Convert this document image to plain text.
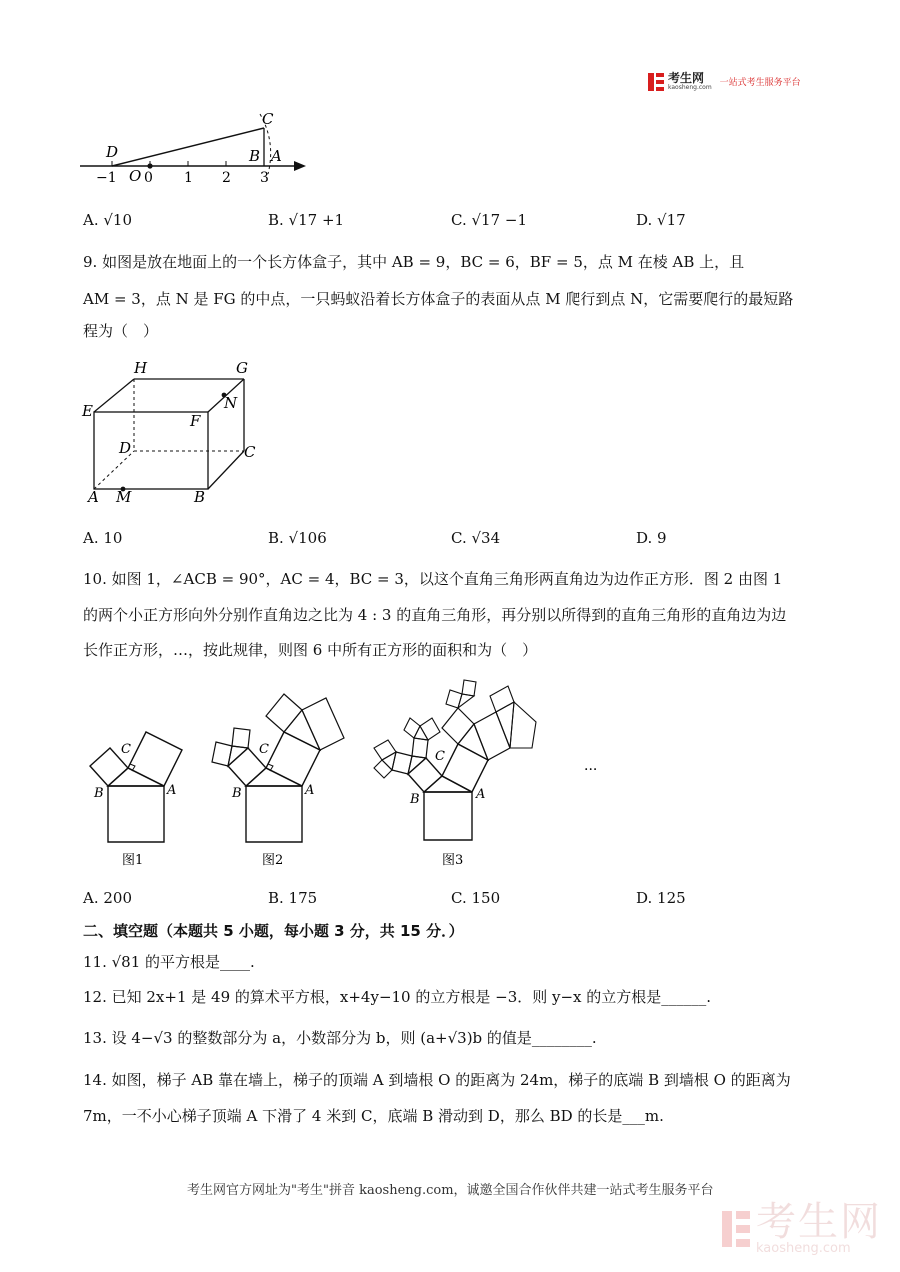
考生网
kaosheng.com 一站式考生服务平台
D
O
C
B A
−1 0 1 2 3
A. √10	B. √17 +1	C. √17 −1	D. √17
9. 如图是放在地面上的一个长方体盒子，其中 AB = 9，BC = 6，BF = 5，点 M 在棱 AB 上，且
AM = 3，点 N 是 FG 的中点，一只蚂蚁沿着长方体盒子的表面从点 M 爬行到点 N，它需要爬行的最短路
程为（　）
H	G
E	N
F
D	C
A M	B
A. 10	B. √106	C. √34	D. 9
10. 如图 1，∠ACB = 90°，AC = 4，BC = 3，以这个直角三角形两直角边为边作正方形．图 2 由图 1
的两个小正方形向外分别作直角边之比为 4 : 3 的直角三角形，再分别以所得到的直角三角形的直角边为边
长作正方形，…，按此规律，则图 6 中所有正方形的面积和为（　）
C
B	A
图1
C
B	A
图2
C
B	A
图3
···
A. 200	B. 175	C. 150	D. 125
二、填空题（本题共 5 小题，每小题 3 分，共 15 分．）
11. √81 的平方根是____.
12. 已知 2x+1 是 49 的算术平方根，x+4y−10 的立方根是 −3．则 y−x 的立方根是______.
13. 设 4−√3 的整数部分为 a，小数部分为 b，则 (a+√3)b 的值是________.
14. 如图，梯子 AB 靠在墙上，梯子的顶端 A 到墙根 O 的距离为 24m，梯子的底端 B 到墙根 O 的距离为
7m，一不小心梯子顶端 A 下滑了 4 米到 C，底端 B 滑动到 D，那么 BD 的长是___m.
考生网官方网址为"考生"拼音 kaosheng.com，诚邀全国合作伙伴共建一站式考生服务平台
考生网
kaosheng.com
